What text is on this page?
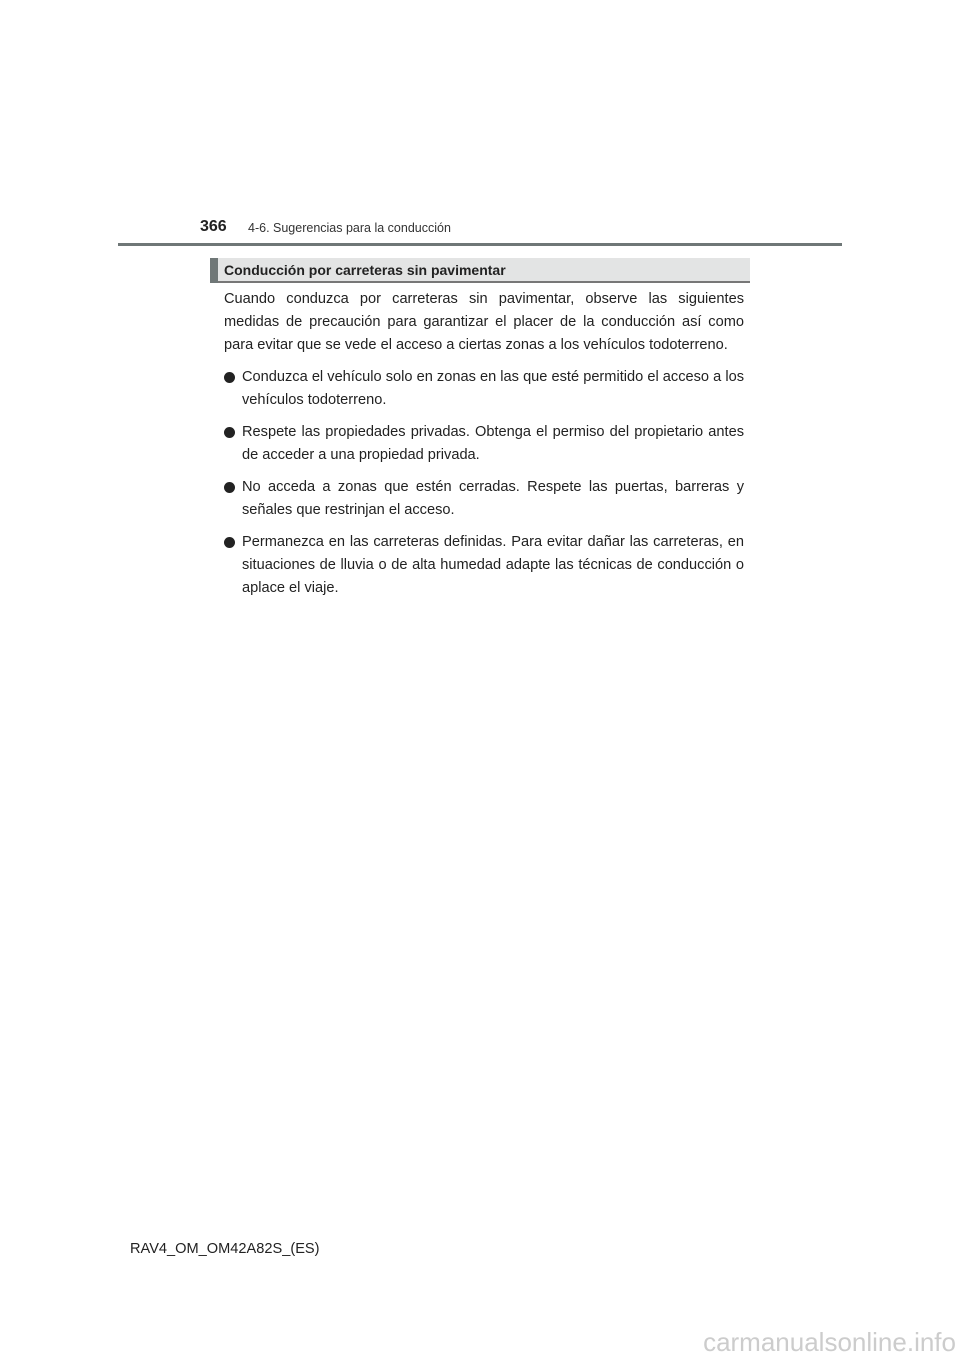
366 4-6. Sugerencias para la conducción
Conducción por carreteras sin pavimentar

Cuando conduzca por carreteras sin pavimentar, observe las siguientes medidas de precaución para garantizar el placer de la conducción así como para evitar que se vede el acceso a ciertas zonas a los vehículos todoterreno.

Conduzca el vehículo solo en zonas en las que esté permitido el acceso a los vehículos todoterreno.
Respete las propiedades privadas. Obtenga el permiso del propietario antes de acceder a una propiedad privada.
No acceda a zonas que estén cerradas. Respete las puertas, barreras y señales que restrinjan el acceso.
Permanezca en las carreteras definidas. Para evitar dañar las carreteras, en situaciones de lluvia o de alta humedad adapte las técnicas de conducción o aplace el viaje.
RAV4_OM_OM42A82S_(ES)
carmanualsonline.info
